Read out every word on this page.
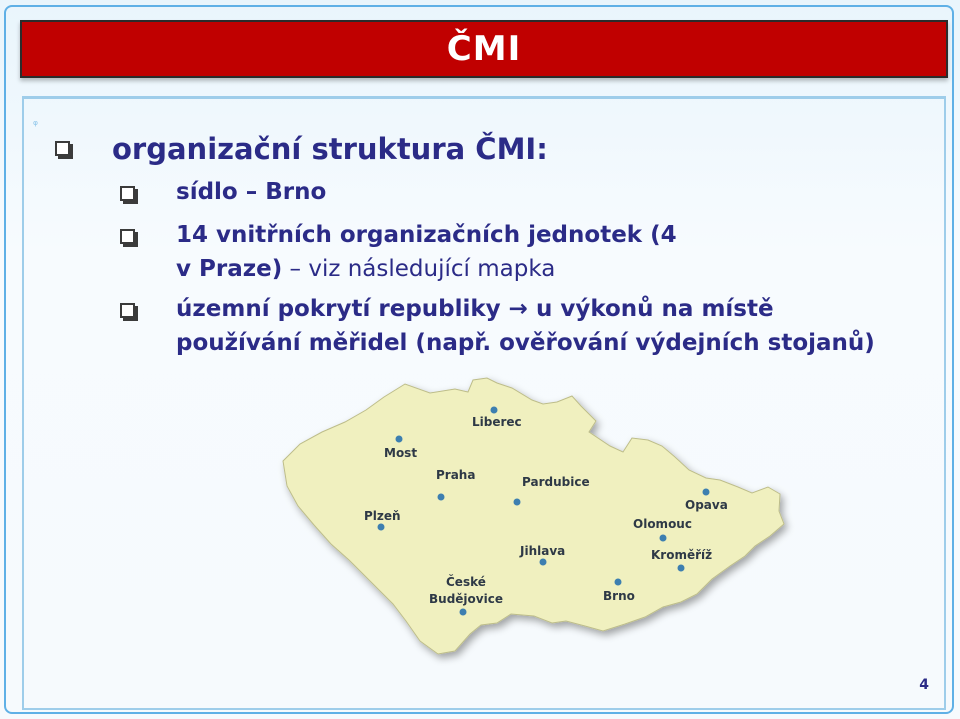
ČMI
ᵩ
organizační struktura ČMI:
sídlo – Brno
14 vnitřních organizačních jednotek (4
v Praze) – viz následující mapka
územní pokrytí republiky → u výkonů na místě
používání měřidel (např. ověřování výdejních stojanů)
Liberec
Most
Praha	Pardubice
Opava
Plzeň
Olomouc
Jihlava	Kroměříž
České
Budějovice	Brno
4
